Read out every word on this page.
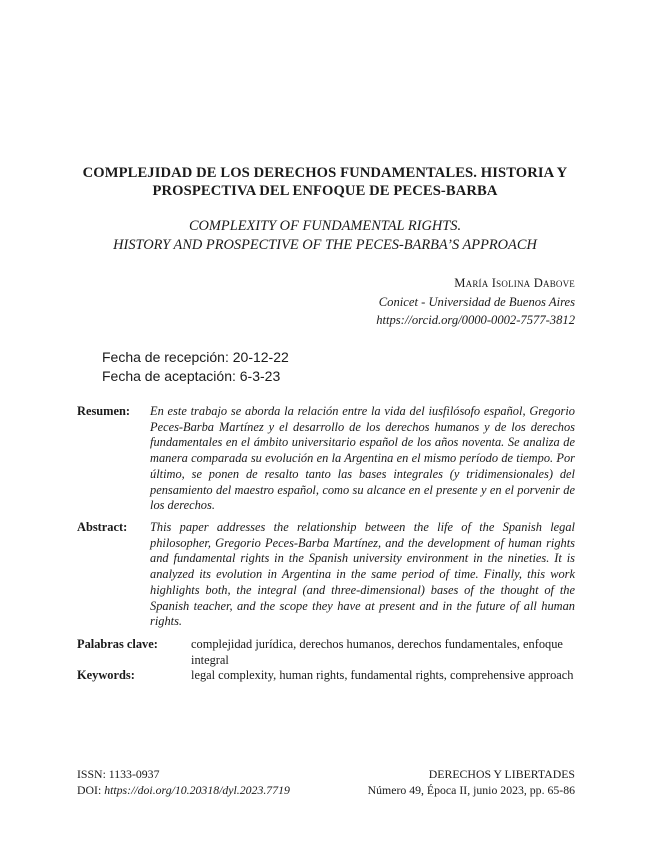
COMPLEJIDAD DE LOS DERECHOS FUNDAMENTALES. HISTORIA Y PROSPECTIVA DEL ENFOQUE DE PECES-BARBA
COMPLEXITY OF FUNDAMENTAL RIGHTS.
HISTORY AND PROSPECTIVE OF THE PECES-BARBA’S APPROACH
María Isolina Dabove
Conicet - Universidad de Buenos Aires
https://orcid.org/0000-0002-7577-3812
Fecha de recepción: 20-12-22
Fecha de aceptación: 6-3-23
Resumen: En este trabajo se aborda la relación entre la vida del iusfilósofo español, Gregorio Peces-Barba Martínez y el desarrollo de los derechos humanos y de los derechos fundamentales en el ámbito universitario español de los años noventa. Se analiza de manera comparada su evolución en la Argentina en el mismo período de tiempo. Por último, se ponen de resalto tanto las bases integrales (y tridimensionales) del pensamiento del maestro español, como su alcance en el presente y en el porvenir de los derechos.
Abstract: This paper addresses the relationship between the life of the Spanish legal philosopher, Gregorio Peces-Barba Martínez, and the development of human rights and fundamental rights in the Spanish university environment in the nineties. It is analyzed its evolution in Argentina in the same period of time. Finally, this work highlights both, the integral (and three-dimensional) bases of the thought of the Spanish teacher, and the scope they have at present and in the future of all human rights.
Palabras clave:	complejidad jurídica, derechos humanos, derechos fundamentales, enfoque integral
Keywords:	legal complexity, human rights, fundamental rights, comprehensive approach
ISSN: 1133-0937
DOI: https://doi.org/10.20318/dyl.2023.7719
DERECHOS Y LIBERTADES
Número 49, Época II, junio 2023, pp. 65-86
